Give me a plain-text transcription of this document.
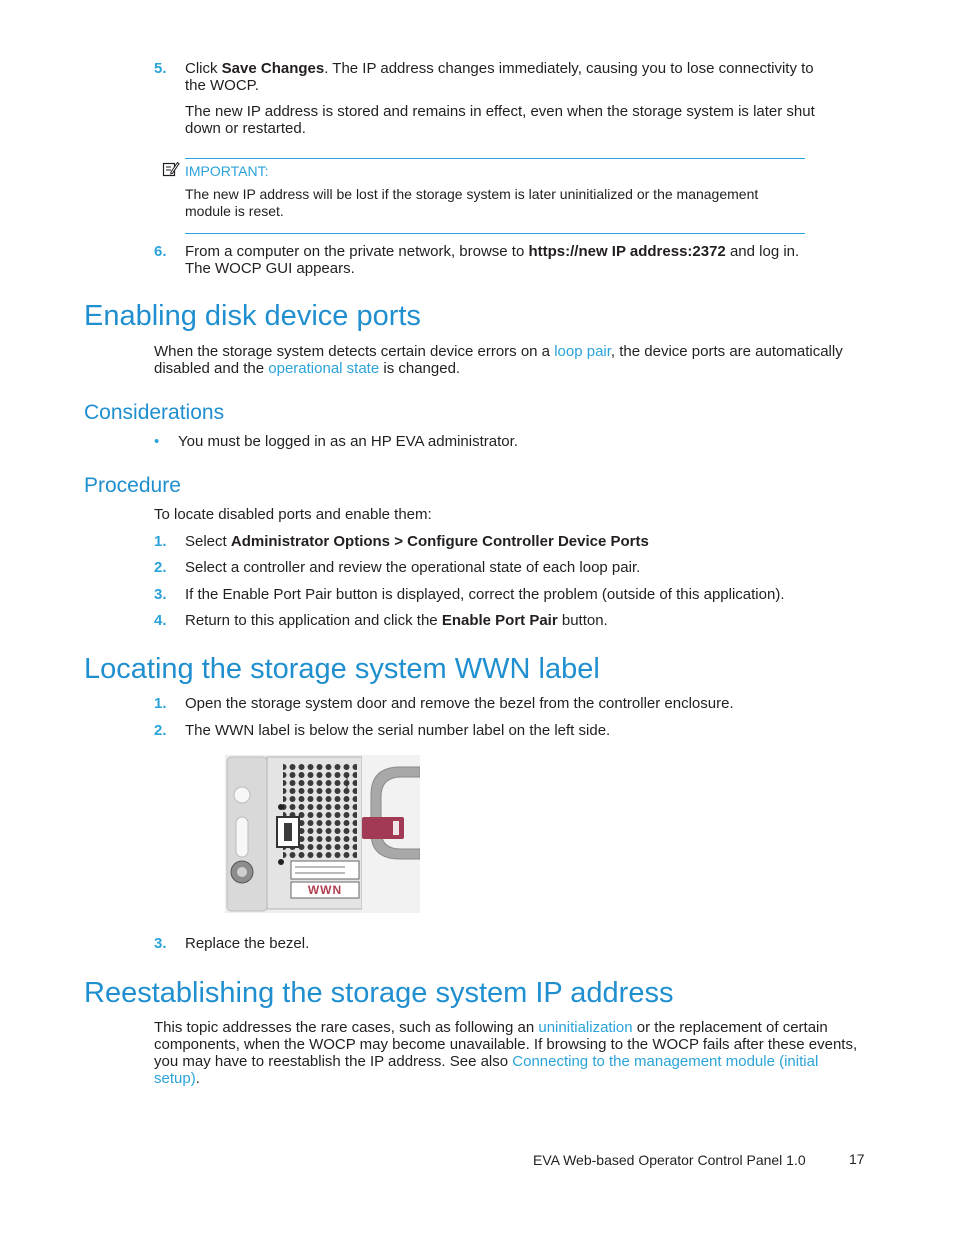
5. Click Save Changes. The IP address changes immediately, causing you to lose connectivity to the WOCP.
The new IP address is stored and remains in effect, even when the storage system is later shut down or restarted.
IMPORTANT:
The new IP address will be lost if the storage system is later uninitialized or the management module is reset.
6. From a computer on the private network, browse to https://new IP address:2372 and log in. The WOCP GUI appears.
Enabling disk device ports
When the storage system detects certain device errors on a loop pair, the device ports are automatically disabled and the operational state is changed.
Considerations
• You must be logged in as an HP EVA administrator.
Procedure
To locate disabled ports and enable them:
1. Select Administrator Options > Configure Controller Device Ports
2. Select a controller and review the operational state of each loop pair.
3. If the Enable Port Pair button is displayed, correct the problem (outside of this application).
4. Return to this application and click the Enable Port Pair button.
Locating the storage system WWN label
1. Open the storage system door and remove the bezel from the controller enclosure.
2. The WWN label is below the serial number label on the left side.
WWN
3. Replace the bezel.
Reestablishing the storage system IP address
This topic addresses the rare cases, such as following an uninitialization or the replacement of certain components, when the WOCP may become unavailable. If browsing to the WOCP fails after these events, you may have to reestablish the IP address. See also Connecting to the management module (initial setup).
EVA Web-based Operator Control Panel 1.0	17
